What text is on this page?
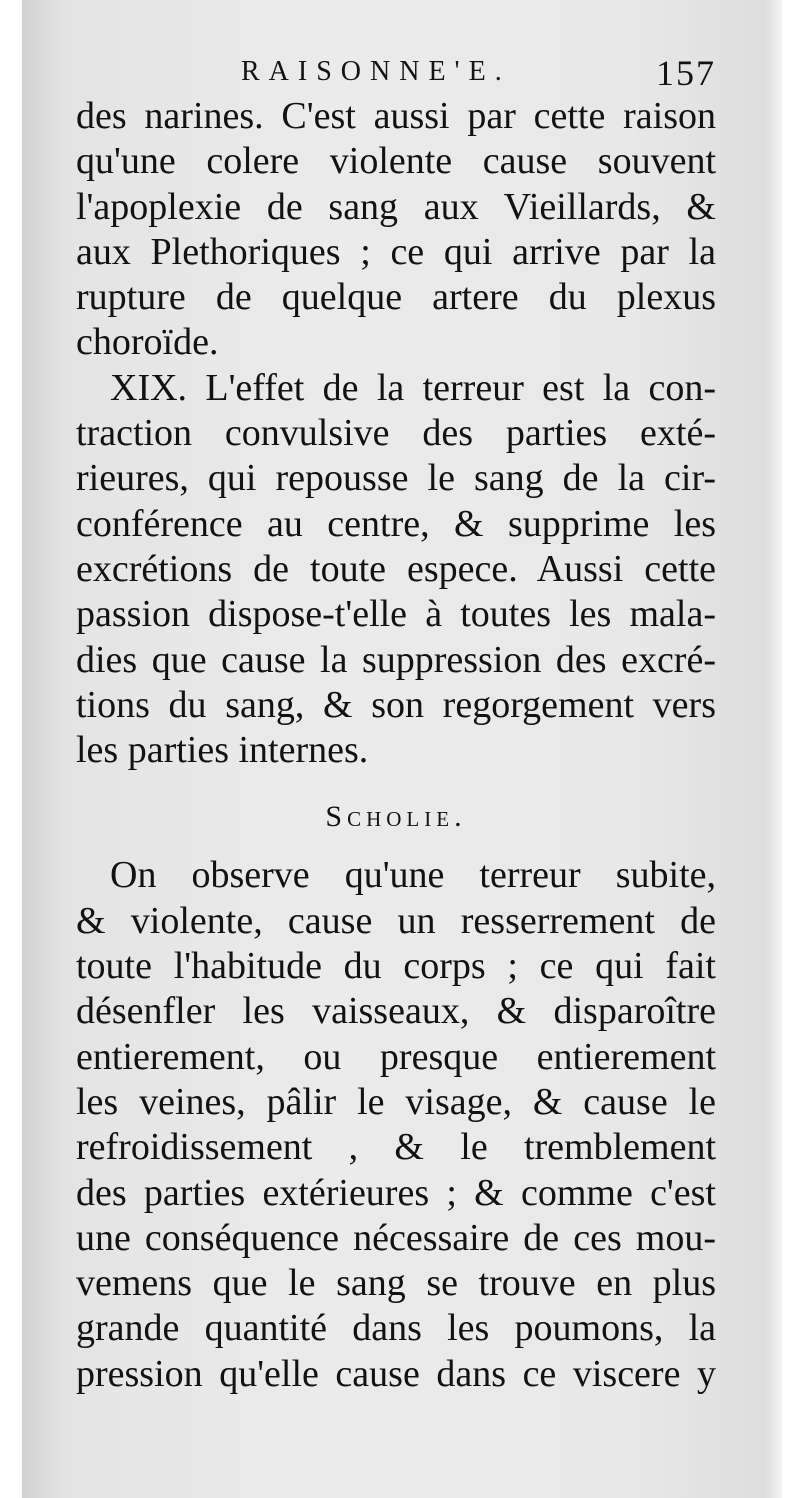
RAISONNE'E.	157
des narines. C'est aussi par cette raison
qu'une colere violente cause souvent
l'apoplexie de sang aux Vieillards, &
aux Plethoriques ; ce qui arrive par la
rupture de quelque artere du plexus
choroïde.
XIX. L'effet de la terreur est la con-
traction convulsive des parties exté-
rieures, qui repousse le sang de la cir-
conférence au centre, & supprime les
excrétions de toute espece. Aussi cette
passion dispose-t'elle à toutes les mala-
dies que cause la suppression des excré-
tions du sang, & son regorgement vers
les parties internes.
Scholie.
On observe qu'une terreur subite,
& violente, cause un resserrement de
toute l'habitude du corps ; ce qui fait
désenfler les vaisseaux, & disparoître
entierement, ou presque entierement
les veines, pâlir le visage, & cause le
refroidissement , & le tremblement
des parties extérieures ; & comme c'est
une conséquence nécessaire de ces mou-
vemens que le sang se trouve en plus
grande quantité dans les poumons, la
pression qu'elle cause dans ce viscere y
